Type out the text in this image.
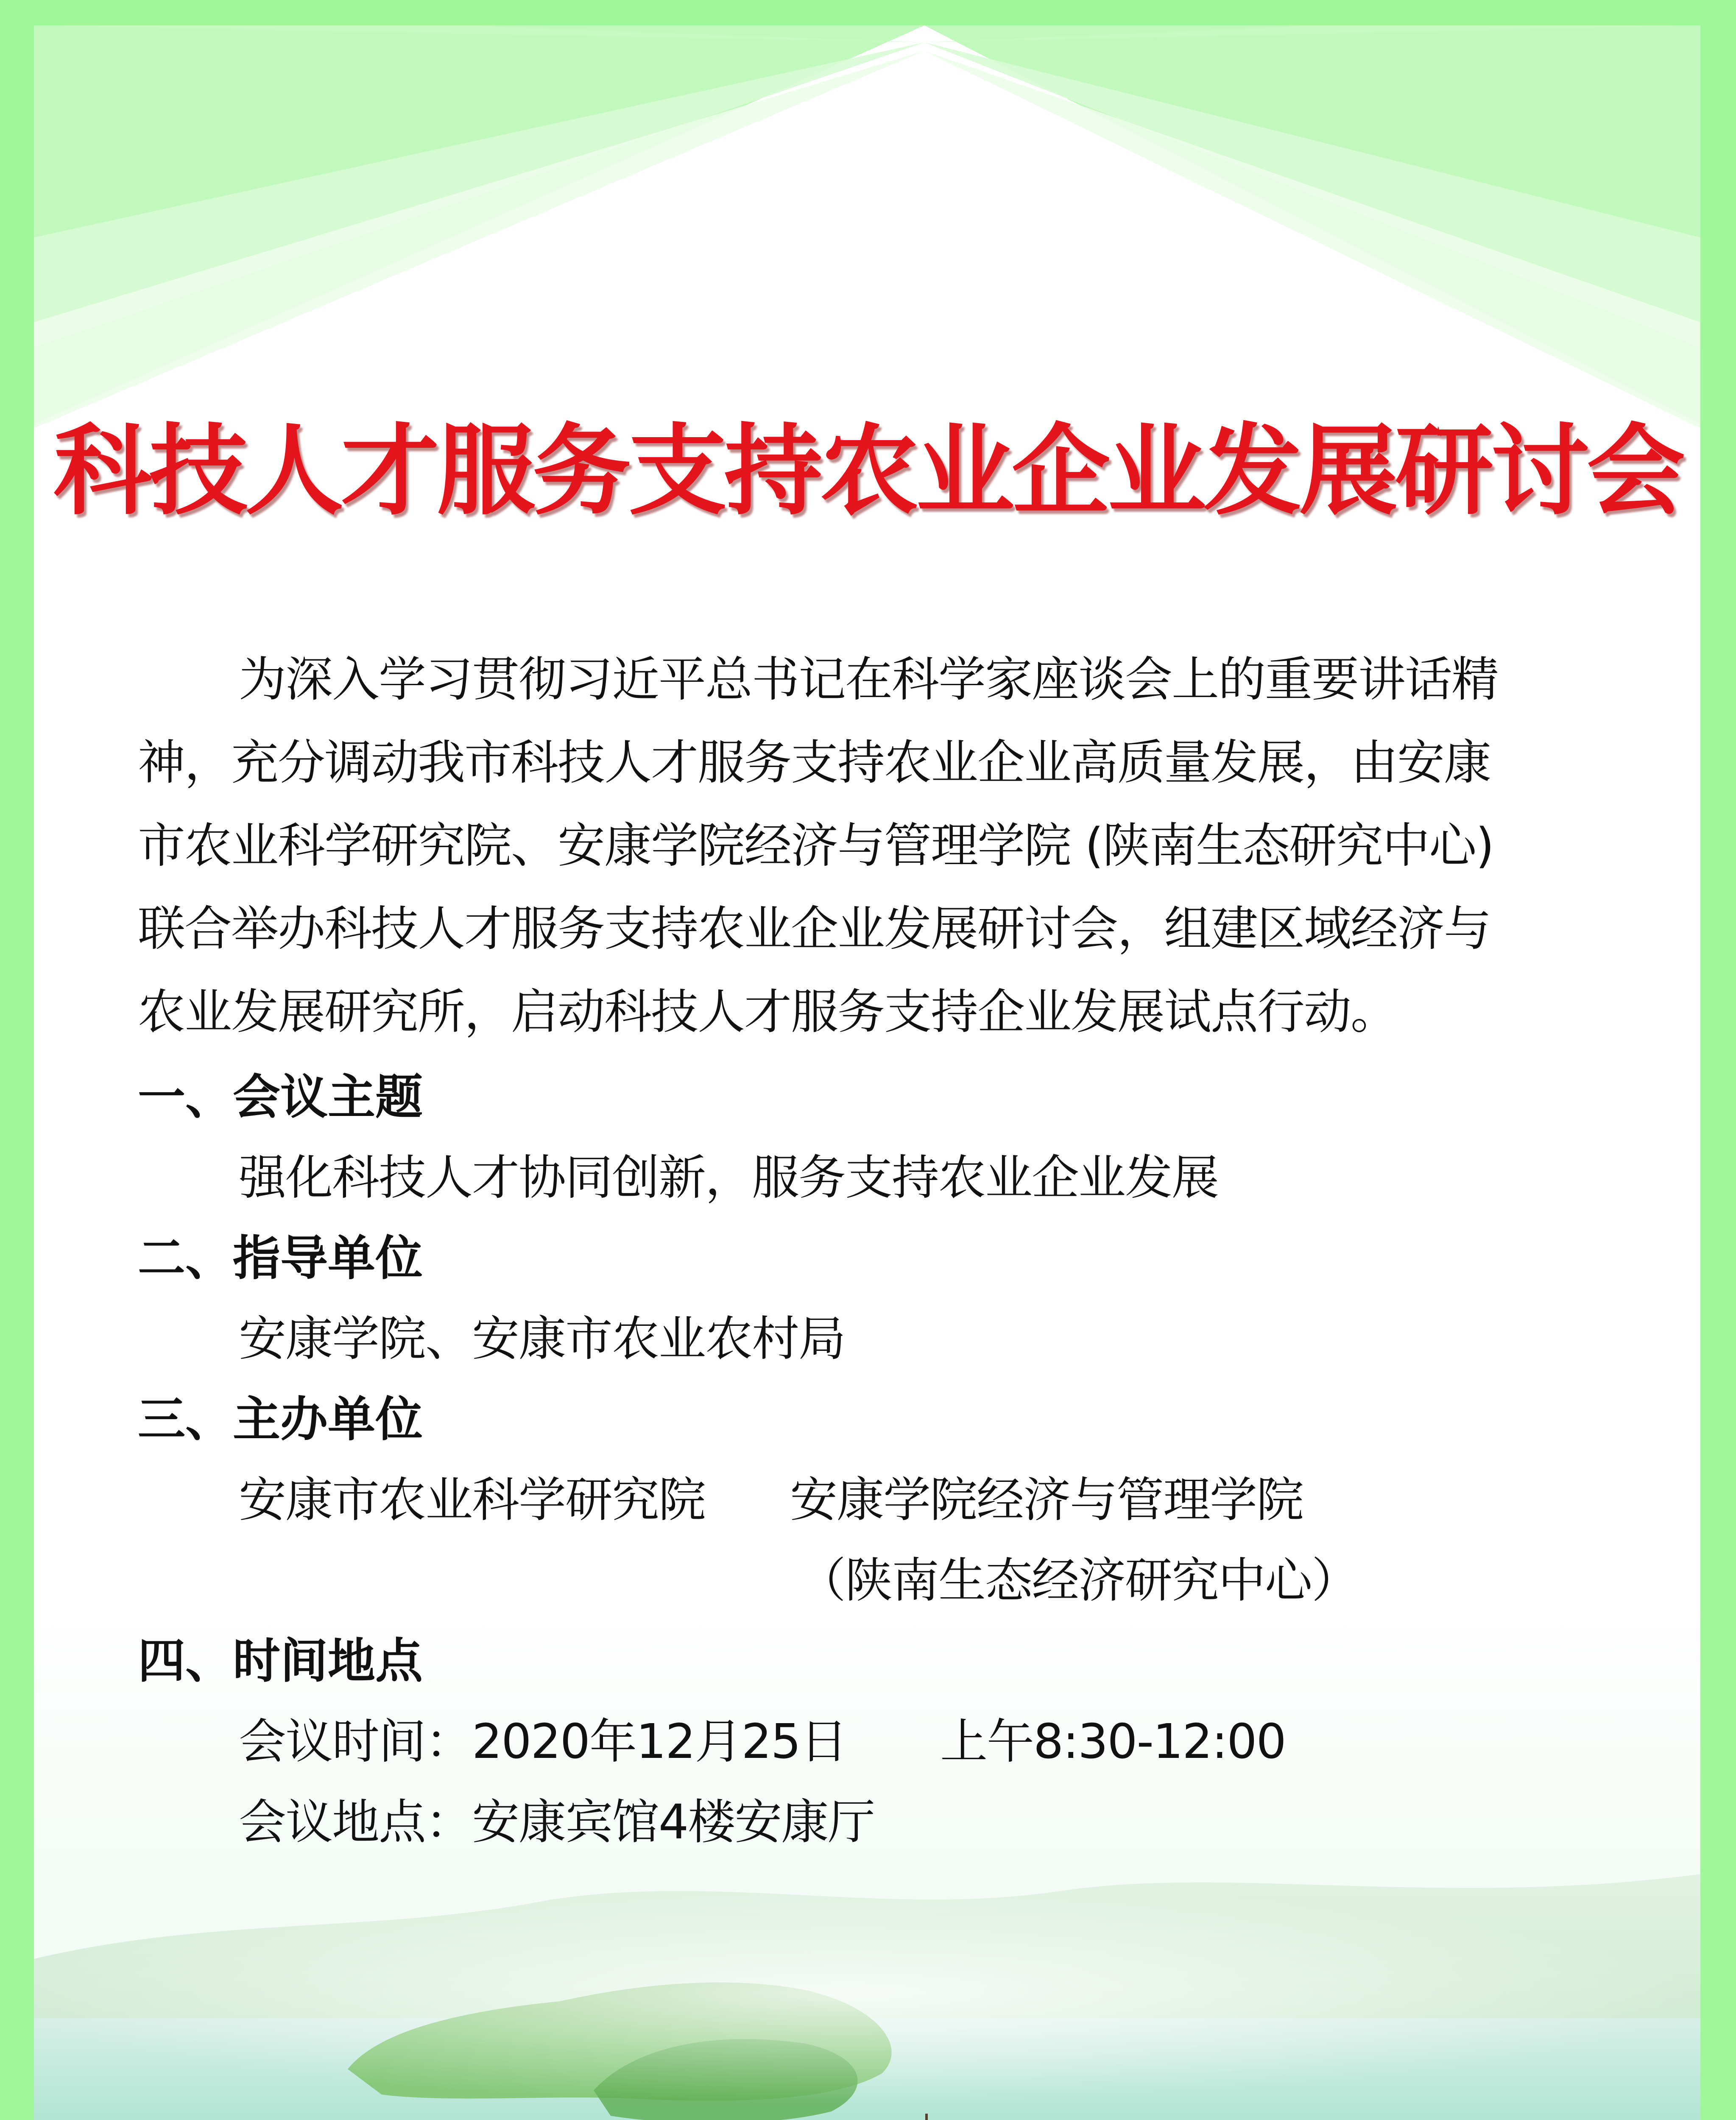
科技人才服务支持农业企业发展研讨会

为深入学习贯彻习近平总书记在科学家座谈会上的重要讲话精

神，充分调动我市科技人才服务支持农业企业高质量发展，由安康

市农业科学研究院、安康学院经济与管理学院 (陕南生态研究中心)

联合举办科技人才服务支持农业企业发展研讨会，组建区域经济与

农业发展研究所，启动科技人才服务支持企业发展试点行动。

一、会议主题

强化科技人才协同创新，服务支持农业企业发展

二、指导单位

安康学院、安康市农业农村局

三、主办单位

安康市农业科学研究院 安康学院经济与管理学院

（陕南生态经济研究中心）

四、时间地点

会议时间：2020年12月25日 上午8:30-12:00

会议地点：安康宾馆4楼安康厅
